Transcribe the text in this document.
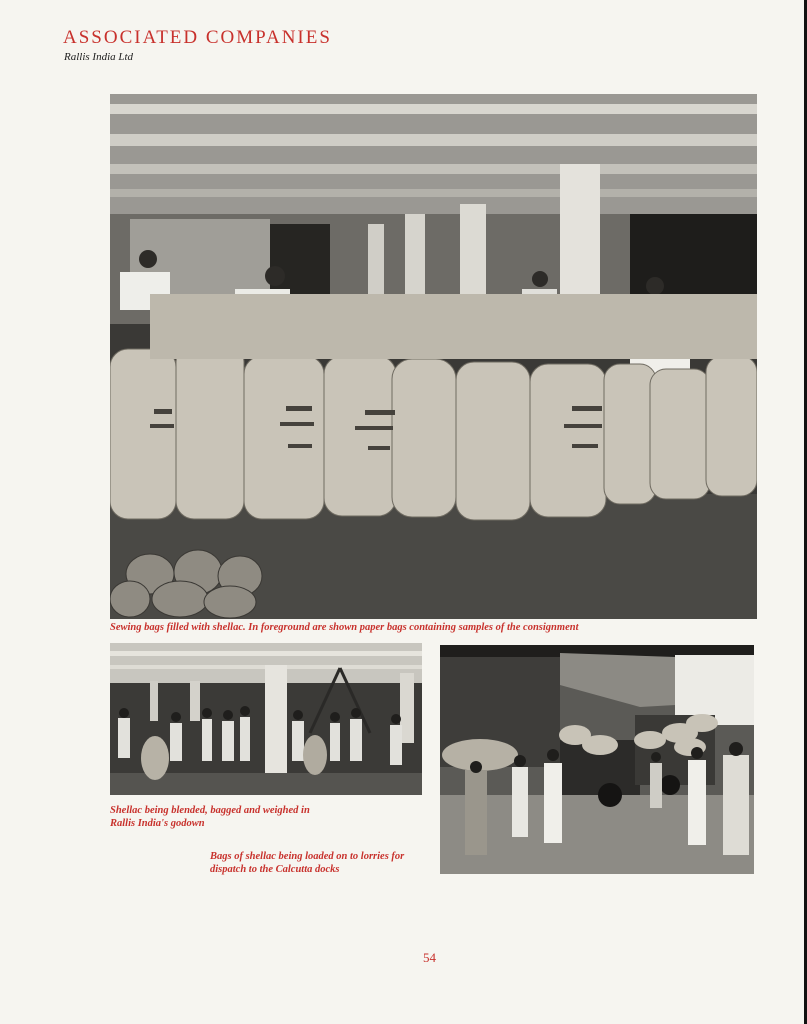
ASSOCIATED COMPANIES
Rallis India Ltd
Sewing bags filled with shellac. In foreground are shown paper bags containing samples of the consignment
Shellac being blended, bagged and weighed in Rallis India's godown
Bags of shellac being loaded on to lorries for dispatch to the Calcutta docks
54
